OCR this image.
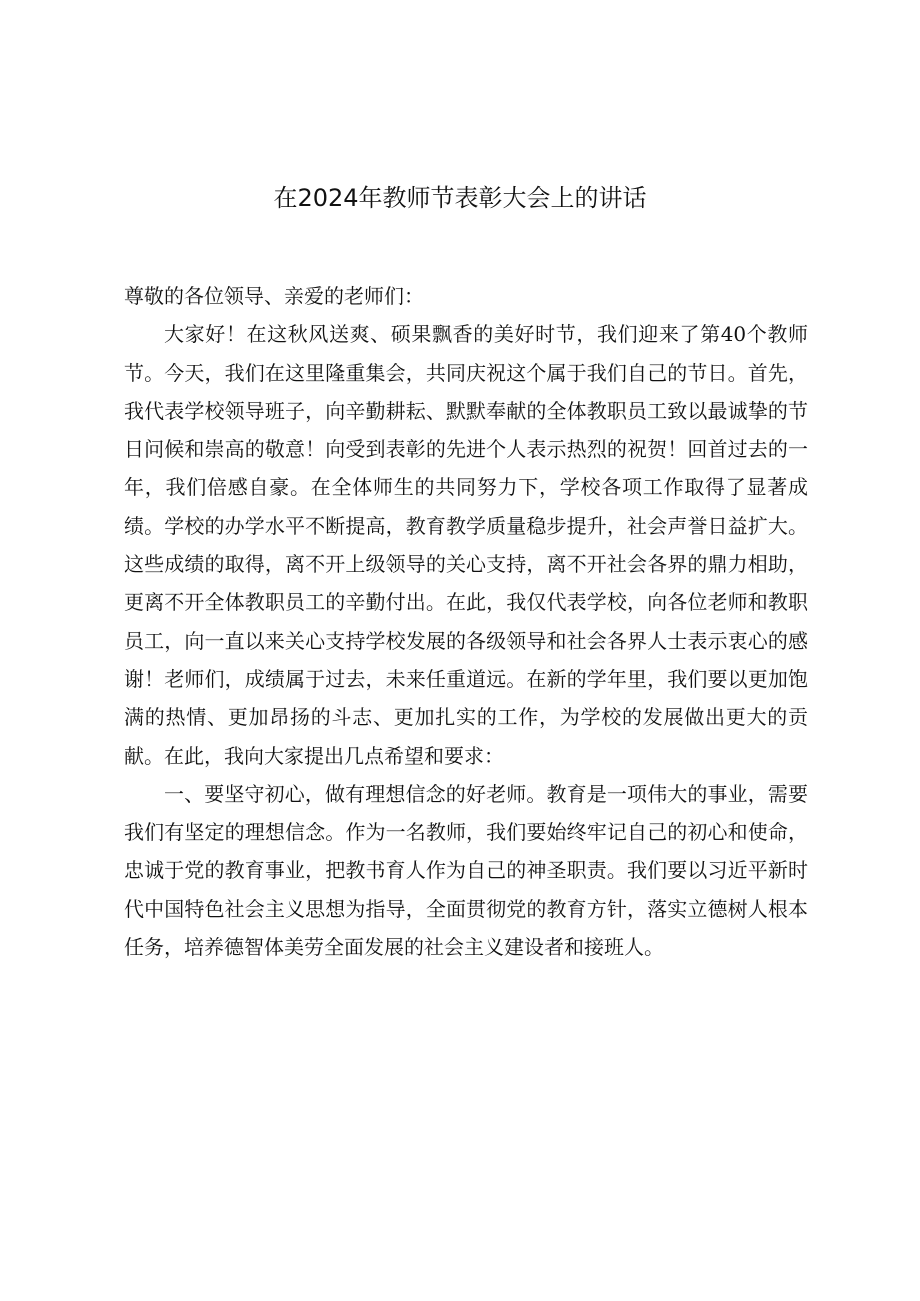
在2024年教师节表彰大会上的讲话

尊敬的各位领导、亲爱的老师们：

大家好！在这秋风送爽、硕果飘香的美好时节，我们迎来了第40个教师节。今天，我们在这里隆重集会，共同庆祝这个属于我们自己的节日。首先，我代表学校领导班子，向辛勤耕耘、默默奉献的全体教职员工致以最诚挚的节日问候和崇高的敬意！向受到表彰的先进个人表示热烈的祝贺！回首过去的一年，我们倍感自豪。在全体师生的共同努力下，学校各项工作取得了显著成绩。学校的办学水平不断提高，教育教学质量稳步提升，社会声誉日益扩大。这些成绩的取得，离不开上级领导的关心支持，离不开社会各界的鼎力相助，更离不开全体教职员工的辛勤付出。在此，我仅代表学校，向各位老师和教职员工，向一直以来关心支持学校发展的各级领导和社会各界人士表示衷心的感谢！老师们，成绩属于过去，未来任重道远。在新的学年里，我们要以更加饱满的热情、更加昂扬的斗志、更加扎实的工作，为学校的发展做出更大的贡献。在此，我向大家提出几点希望和要求：

一、要坚守初心，做有理想信念的好老师。教育是一项伟大的事业，需要我们有坚定的理想信念。作为一名教师，我们要始终牢记自己的初心和使命，忠诚于党的教育事业，把教书育人作为自己的神圣职责。我们要以习近平新时代中国特色社会主义思想为指导，全面贯彻党的教育方针，落实立德树人根本任务，培养德智体美劳全面发展的社会主义建设者和接班人。
